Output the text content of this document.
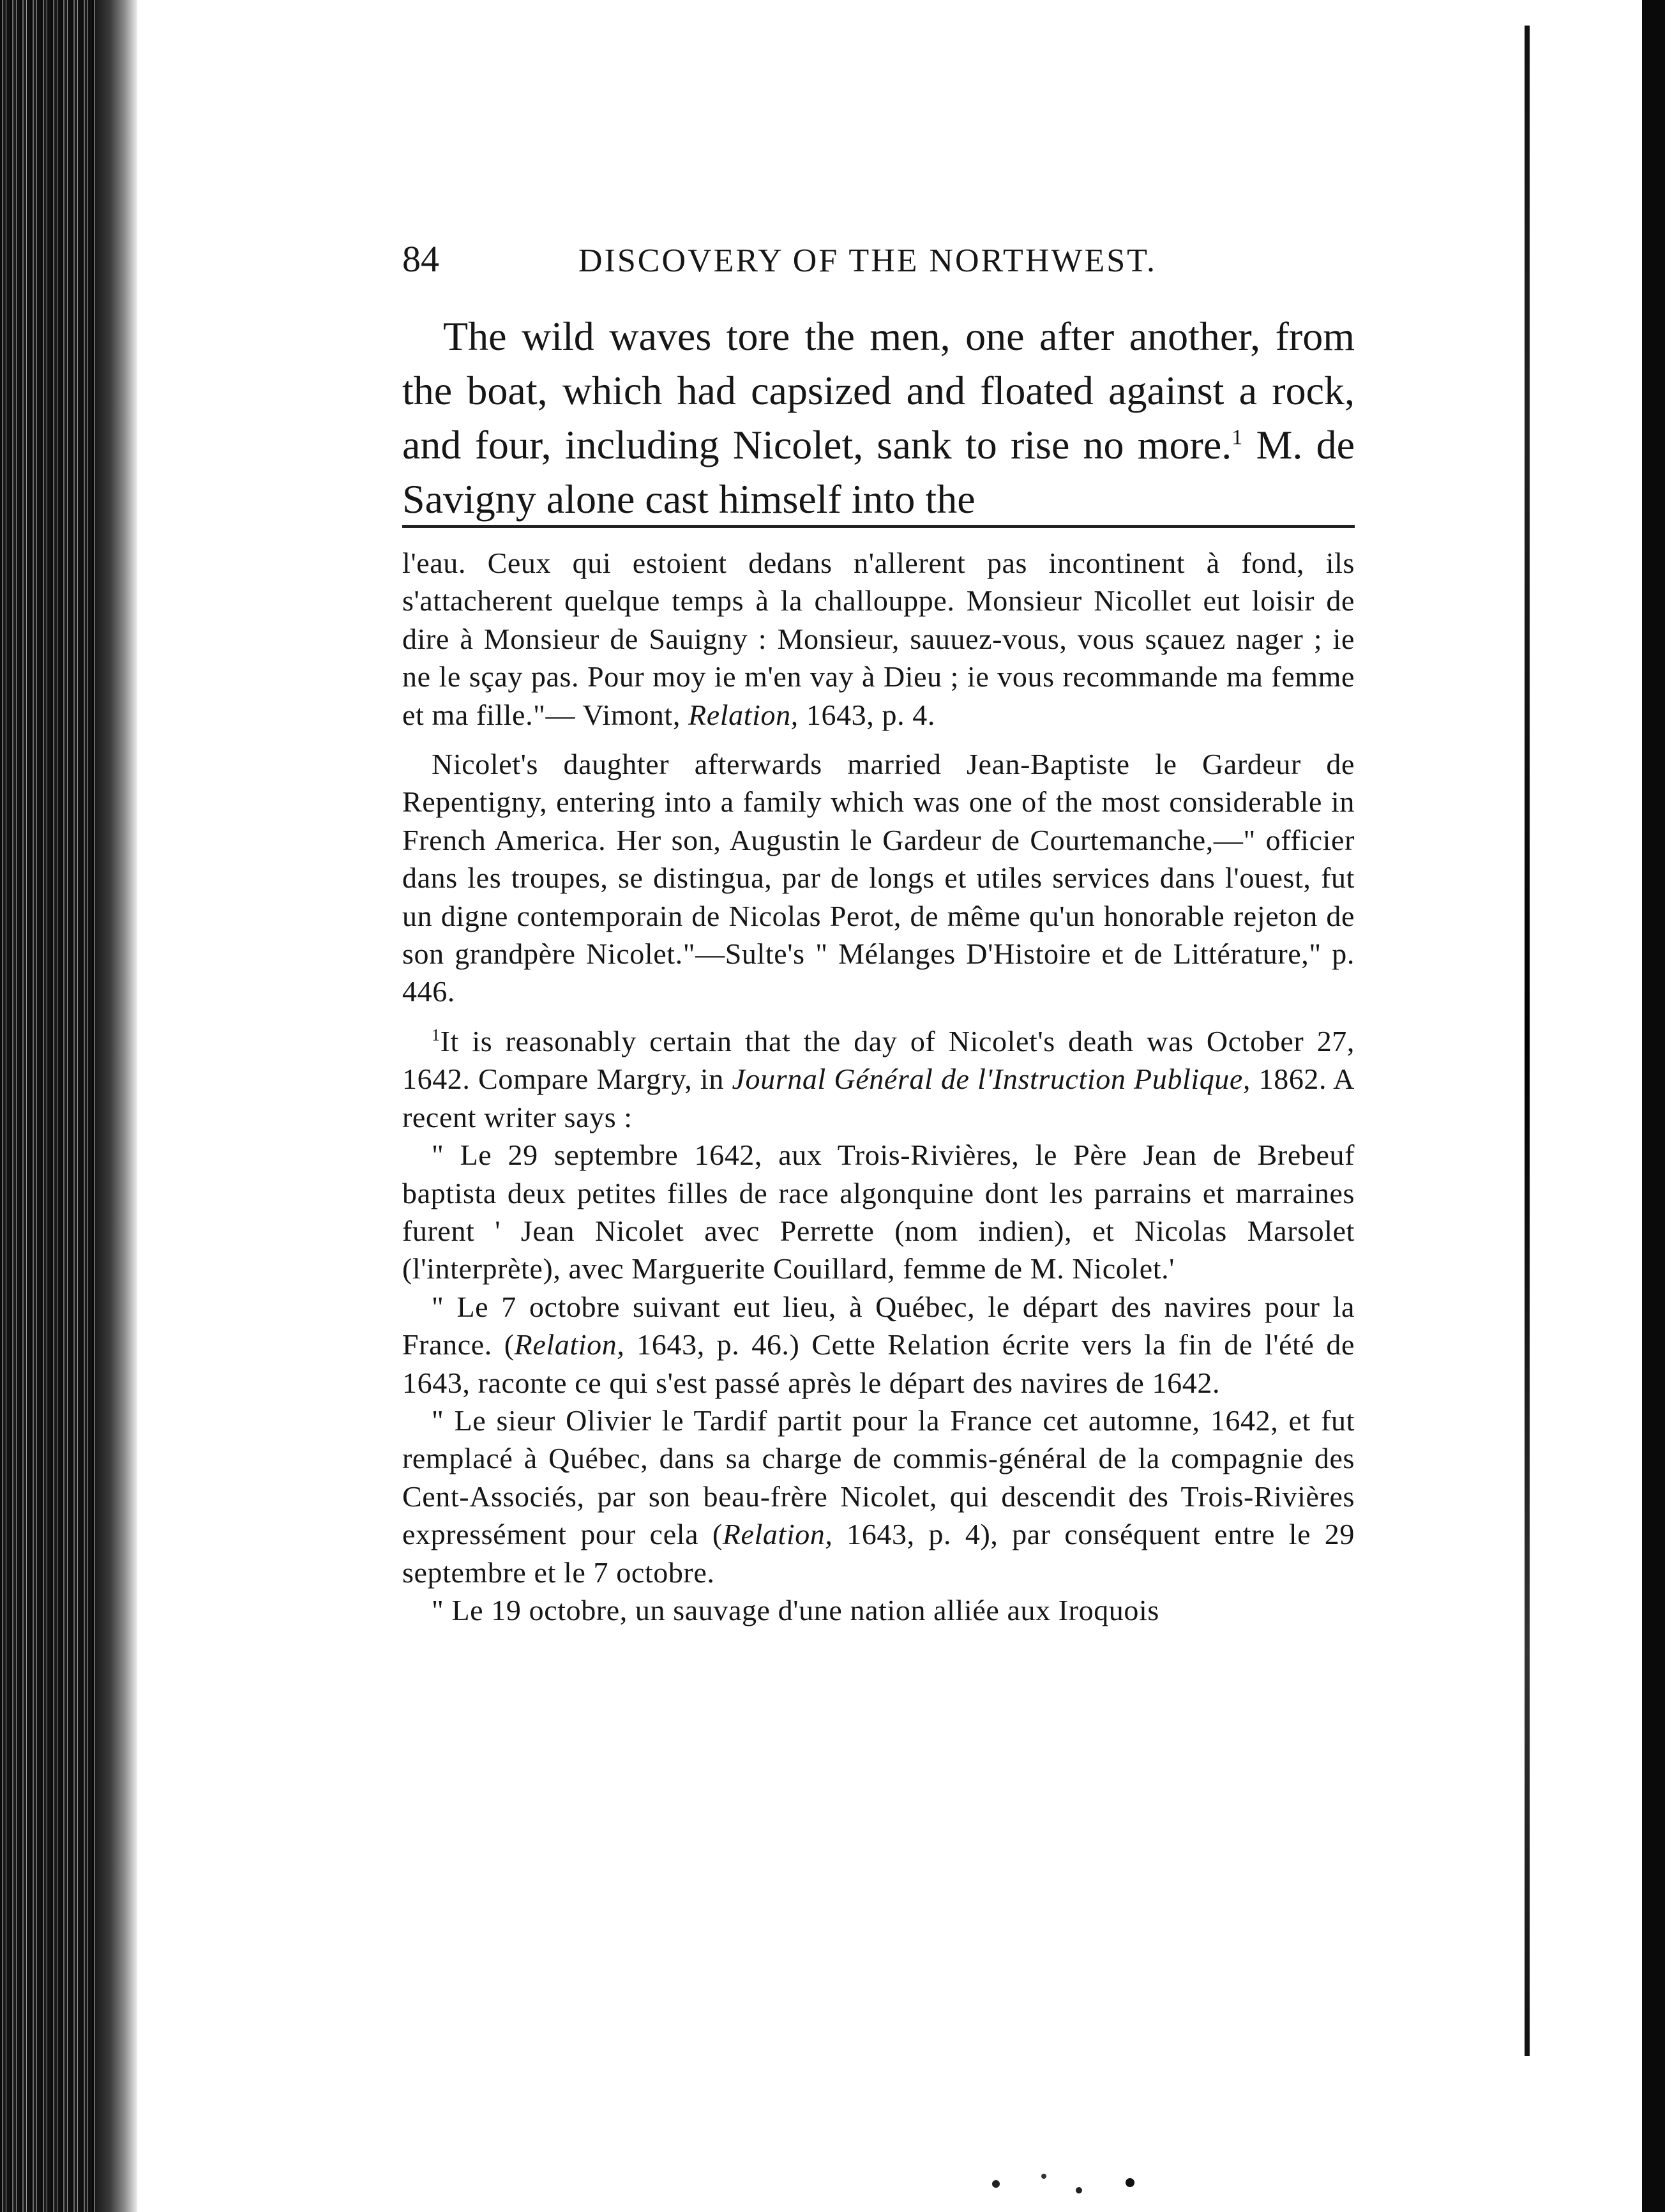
84	DISCOVERY OF THE NORTHWEST.

The wild waves tore the men, one after another, from the boat, which had capsized and floated against a rock, and four, including Nicolet, sank to rise no more.$^1$ M. de Savigny alone cast himself into the

l'eau. Ceux qui estoient dedans n'allerent pas incontinent à fond, ils s'attacherent quelque temps à la challouppe. Monsieur Nicollet eut loisir de dire à Monsieur de Sauigny : Monsieur, sauuez-vous, vous sçauez nager ; ie ne le sçay pas. Pour moy ie m'en vay à Dieu ; ie vous recommande ma femme et ma fille."— Vimont, Relation, 1643, p. 4.

Nicolet's daughter afterwards married Jean-Baptiste le Gardeur de Repentigny, entering into a family which was one of the most considerable in French America. Her son, Augustin le Gardeur de Courtemanche,—" officier dans les troupes, se distingua, par de longs et utiles services dans l'ouest, fut un digne contemporain de Nicolas Perot, de même qu'un honorable rejeton de son grandpère Nicolet."—Sulte's " Mélanges D'Histoire et de Littérature," p. 446.

$^1$It is reasonably certain that the day of Nicolet's death was October 27, 1642. Compare Margry, in Journal Général de l'Instruction Publique, 1862. A recent writer says :

" Le 29 septembre 1642, aux Trois-Rivières, le Père Jean de Brebeuf baptista deux petites filles de race algonquine dont les parrains et marraines furent ' Jean Nicolet avec Perrette (nom indien), et Nicolas Marsolet (l'interprète), avec Marguerite Couillard, femme de M. Nicolet.'

" Le 7 octobre suivant eut lieu, à Québec, le départ des navires pour la France. (Relation, 1643, p. 46.) Cette Relation écrite vers la fin de l'été de 1643, raconte ce qui s'est passé après le départ des navires de 1642.

" Le sieur Olivier le Tardif partit pour la France cet automne, 1642, et fut remplacé à Québec, dans sa charge de commis-général de la compagnie des Cent-Associés, par son beau-frère Nicolet, qui descendit des Trois-Rivières expressément pour cela (Relation, 1643, p. 4), par conséquent entre le 29 septembre et le 7 octobre.

" Le 19 octobre, un sauvage d'une nation alliée aux Iroquois
